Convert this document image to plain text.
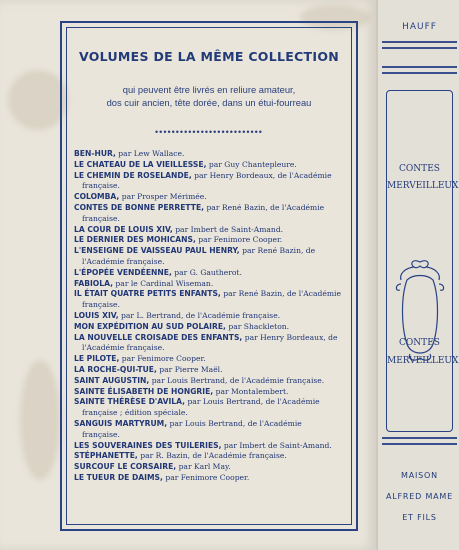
VOLUMES DE LA MÊME COLLECTION
qui peuvent être livrés en reliure amateur,
dos cuir ancien, tête dorée, dans un étui-fourreau
••••••••••••••••••••••••••
BEN-HUR, par Lew Wallace.
LE CHATEAU DE LA VIEILLESSE, par Guy Chantepleure.
LE CHEMIN DE ROSELANDE, par Henry Bordeaux, de l'Académie française.
COLOMBA, par Prosper Mérimée.
CONTES DE BONNE PERRETTE, par René Bazin, de l'Académie française.
LA COUR DE LOUIS XIV, par Imbert de Saint-Amand.
LE DERNIER DES MOHICANS, par Fenimore Cooper.
L'ENSEIGNE DE VAISSEAU PAUL HENRY, par René Bazin, de l'Académie française.
L'ÉPOPÉE VENDÉENNE, par G. Gautherot.
FABIOLA, par le Cardinal Wiseman.
IL ÉTAIT QUATRE PETITS ENFANTS, par René Bazin, de l'Académie française.
LOUIS XIV, par L. Bertrand, de l'Académie française.
MON EXPÉDITION AU SUD POLAIRE, par Shackleton.
LA NOUVELLE CROISADE DES ENFANTS, par Henry Bordeaux, de l'Académie française.
LE PILOTE, par Fenimore Cooper.
LA ROCHE-QUI-TUE, par Pierre Maël.
SAINT AUGUSTIN, par Louis Bertrand, de l'Académie française.
SAINTE ÉLISABETH DE HONGRIE, par Montalembert.
SAINTE THÉRÈSE D'AVILA, par Louis Bertrand, de l'Académie française ; édition spéciale.
SANGUIS MARTYRUM, par Louis Bertrand, de l'Académie française.
LES SOUVERAINES DES TUILERIES, par Imbert de Saint-Amand.
STÉPHANETTE, par R. Bazin, de l'Académie française.
SURCOUF LE CORSAIRE, par Karl May.
LE TUEUR DE DAIMS, par Fenimore Cooper.
HAUFF
CONTES
MERVEILLEUX
CONTES
MERVEILLEUX
MAISON
ALFRED MAME
ET FILS
